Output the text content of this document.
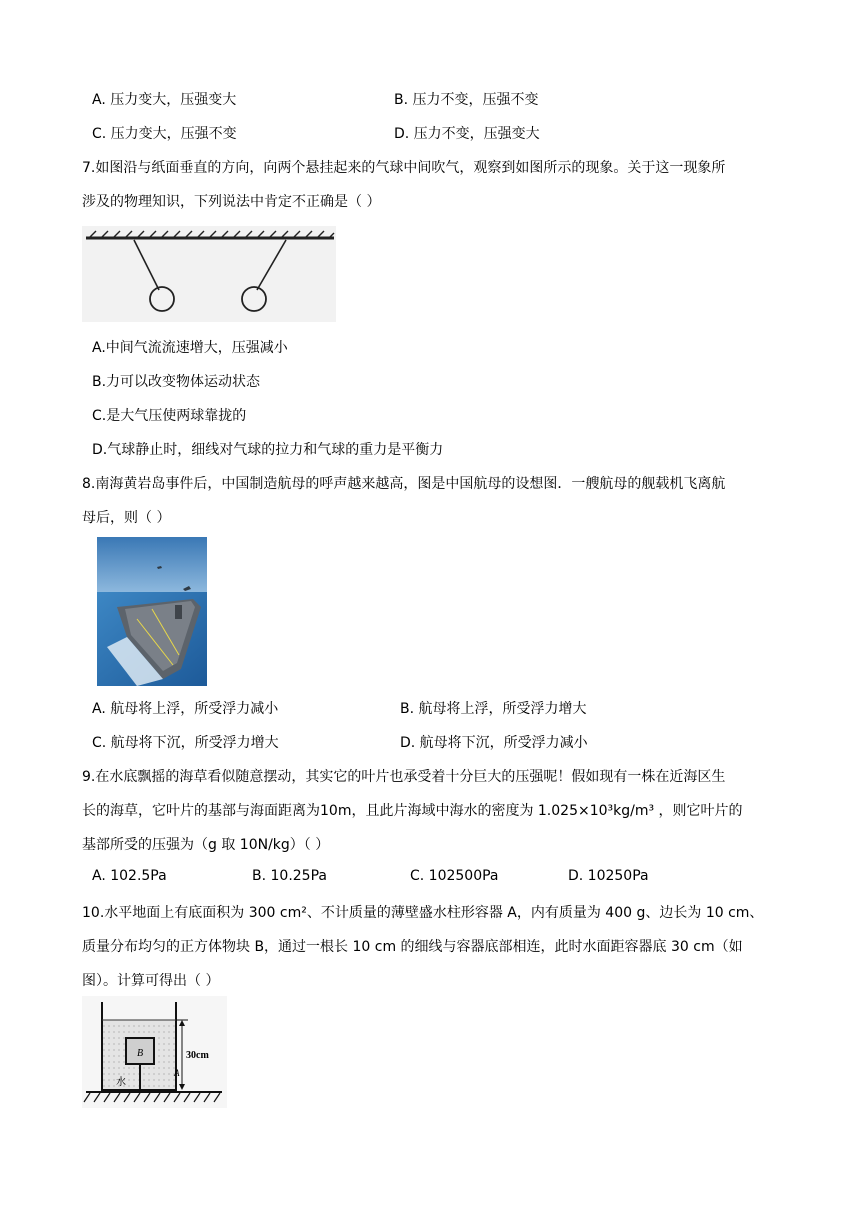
A. 压力变大，压强变大	B. 压力不变，压强不变
C. 压力变大，压强不变	D. 压力不变，压强变大
7.如图沿与纸面垂直的方向，向两个悬挂起来的气球中间吹气，观察到如图所示的现象。关于这一现象所
涉及的物理知识，下列说法中肯定不正确是（ ）
A.中间气流流速增大，压强减小
B.力可以改变物体运动状态
C.是大气压使两球靠拢的
D.气球静止时，细线对气球的拉力和气球的重力是平衡力
8.南海黄岩岛事件后，中国制造航母的呼声越来越高，图是中国航母的设想图．一艘航母的舰载机飞离航
母后，则（ ）
A. 航母将上浮，所受浮力减小	B. 航母将上浮，所受浮力增大
C. 航母将下沉，所受浮力增大	D. 航母将下沉，所受浮力减小
9.在水底飘摇的海草看似随意摆动，其实它的叶片也承受着十分巨大的压强呢！假如现有一株在近海区生
长的海草，它叶片的基部与海面距离为10m，且此片海域中海水的密度为 1.025×10³kg/m³ ，则它叶片的
基部所受的压强为（g 取 10N/kg）（ ）
A. 102.5Pa	B. 10.25Pa	C. 102500Pa	D. 10250Pa
10.水平地面上有底面积为 300 cm²、不计质量的薄壁盛水柱形容器 A，内有质量为 400 g、边长为 10 cm、
质量分布均匀的正方体物块 B，通过一根长 10 cm 的细线与容器底部相连，此时水面距容器底 30 cm（如
图）。计算可得出（ ）
B
水
A
30cm
